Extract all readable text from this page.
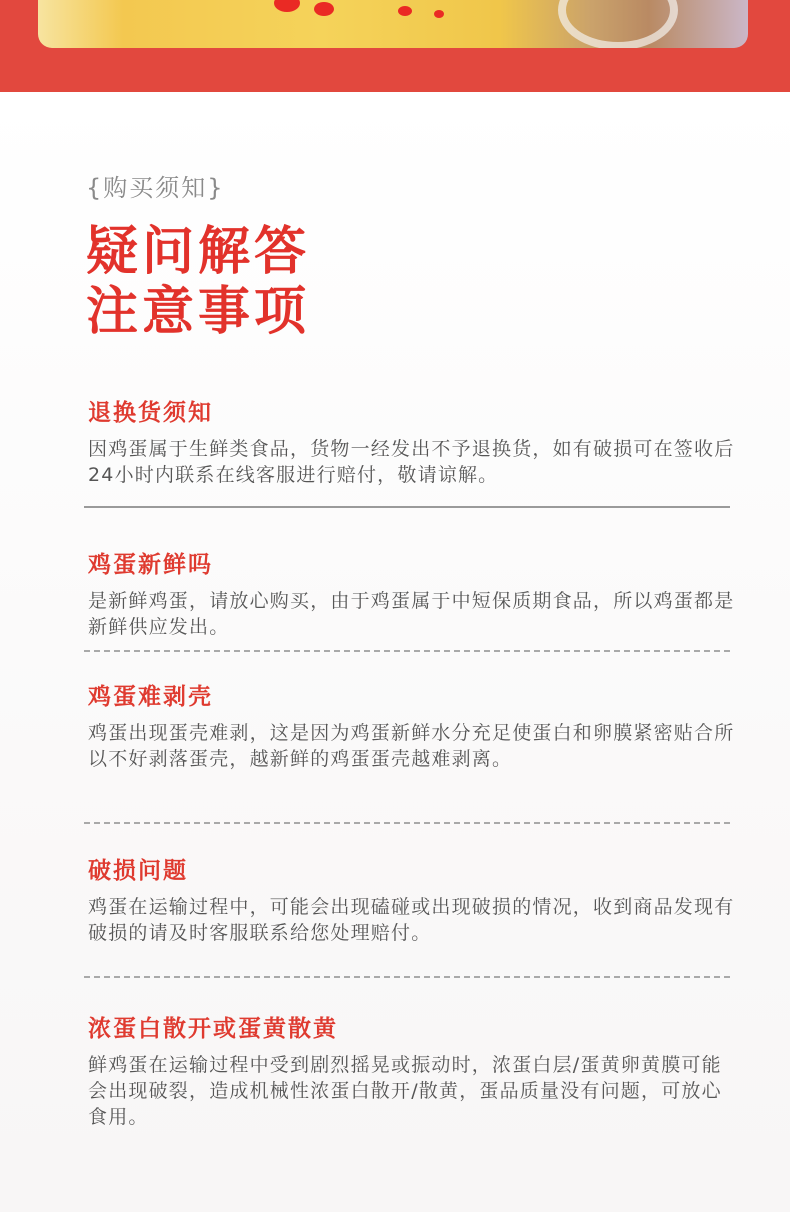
{购买须知}
疑问解答
注意事项
退换货须知
因鸡蛋属于生鲜类食品，货物一经发出不予退换货，如有破损可在签收后24小时内联系在线客服进行赔付，敬请谅解。
鸡蛋新鲜吗
是新鲜鸡蛋，请放心购买，由于鸡蛋属于中短保质期食品，所以鸡蛋都是新鲜供应发出。
鸡蛋难剥壳
鸡蛋出现蛋壳难剥，这是因为鸡蛋新鲜水分充足使蛋白和卵膜紧密贴合所以不好剥落蛋壳，越新鲜的鸡蛋蛋壳越难剥离。
破损问题
鸡蛋在运输过程中，可能会出现磕碰或出现破损的情况，收到商品发现有破损的请及时客服联系给您处理赔付。
浓蛋白散开或蛋黄散黄
鲜鸡蛋在运输过程中受到剧烈摇晃或振动时，浓蛋白层/蛋黄卵黄膜可能会出现破裂，造成机械性浓蛋白散开/散黄，蛋品质量没有问题，可放心食用。
